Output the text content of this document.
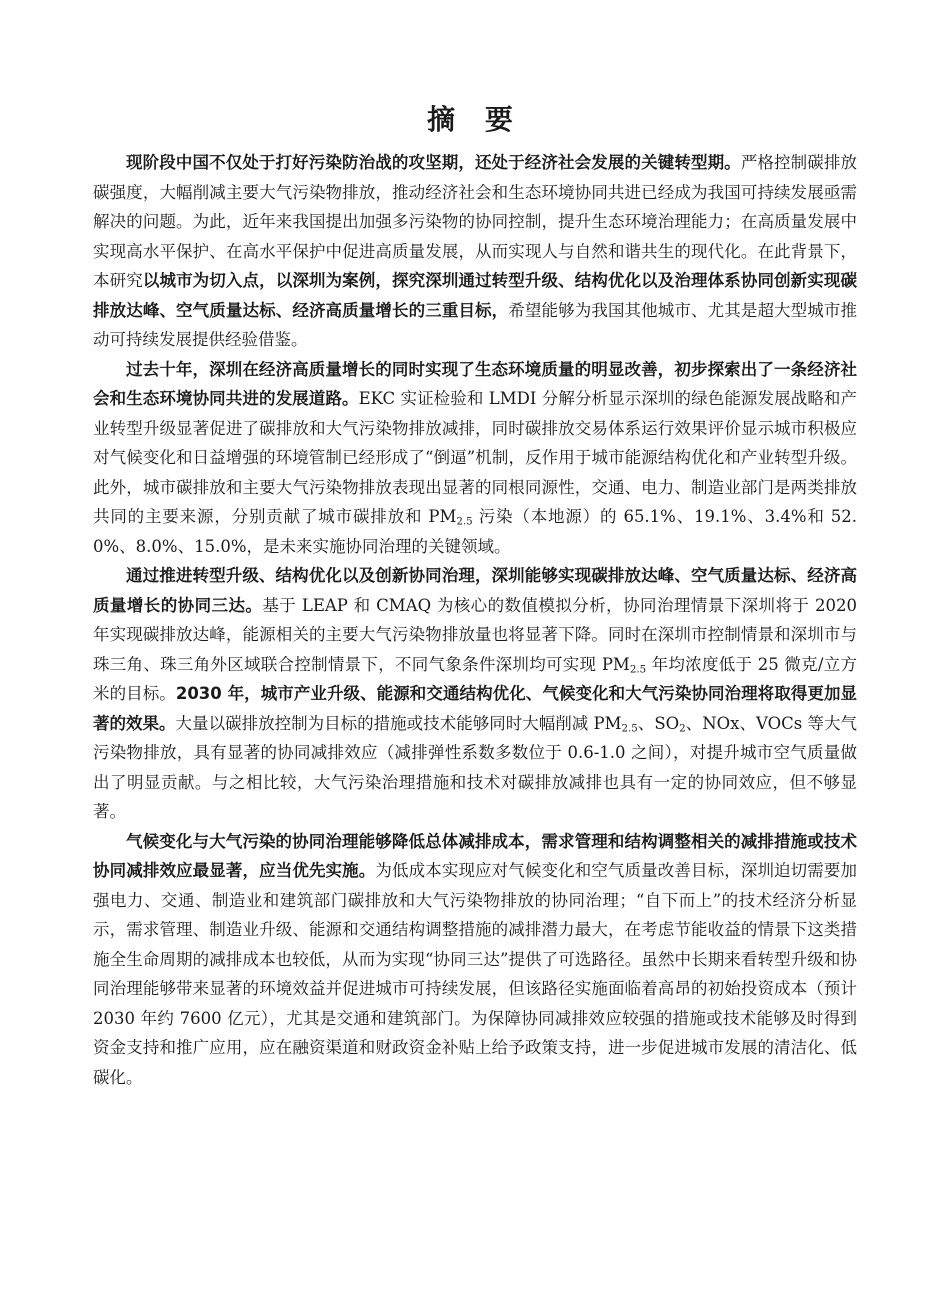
摘 要

现阶段中国不仅处于打好污染防治战的攻坚期，还处于经济社会发展的关键转型期。严格控制碳排放碳强度，大幅削减主要大气污染物排放，推动经济社会和生态环境协同共进已经成为我国可持续发展亟需解决的问题。为此，近年来我国提出加强多污染物的协同控制，提升生态环境治理能力；在高质量发展中实现高水平保护、在高水平保护中促进高质量发展，从而实现人与自然和谐共生的现代化。在此背景下，本研究以城市为切入点，以深圳为案例，探究深圳通过转型升级、结构优化以及治理体系协同创新实现碳排放达峰、空气质量达标、经济高质量增长的三重目标，希望能够为我国其他城市、尤其是超大型城市推动可持续发展提供经验借鉴。

过去十年，深圳在经济高质量增长的同时实现了生态环境质量的明显改善，初步探索出了一条经济社会和生态环境协同共进的发展道路。EKC 实证检验和 LMDI 分解分析显示深圳的绿色能源发展战略和产业转型升级显著促进了碳排放和大气污染物排放减排，同时碳排放交易体系运行效果评价显示城市积极应对气候变化和日益增强的环境管制已经形成了“倒逼”机制，反作用于城市能源结构优化和产业转型升级。此外，城市碳排放和主要大气污染物排放表现出显著的同根同源性，交通、电力、制造业部门是两类排放共同的主要来源，分别贡献了城市碳排放和 $PM_{2.5}$ 污染（本地源）的 65.1%、19.1%、3.4%和 52.0%、8.0%、15.0%，是未来实施协同治理的关键领域。

通过推进转型升级、结构优化以及创新协同治理，深圳能够实现碳排放达峰、空气质量达标、经济高质量增长的协同三达。基于 LEAP 和 CMAQ 为核心的数值模拟分析，协同治理情景下深圳将于 2020 年实现碳排放达峰，能源相关的主要大气污染物排放量也将显著下降。同时在深圳市控制情景和深圳市与珠三角、珠三角外区域联合控制情景下，不同气象条件深圳均可实现 $PM_{2.5}$ 年均浓度低于 25 微克/立方米的目标。2030 年，城市产业升级、能源和交通结构优化、气候变化和大气污染协同治理将取得更加显著的效果。大量以碳排放控制为目标的措施或技术能够同时大幅削减 $PM_{2.5}$、$SO_2$、NOx、VOCs 等大气污染物排放，具有显著的协同减排效应（减排弹性系数多数位于 0.6-1.0 之间），对提升城市空气质量做出了明显贡献。与之相比较，大气污染治理措施和技术对碳排放减排也具有一定的协同效应，但不够显著。

气候变化与大气污染的协同治理能够降低总体减排成本，需求管理和结构调整相关的减排措施或技术协同减排效应最显著，应当优先实施。为低成本实现应对气候变化和空气质量改善目标，深圳迫切需要加强电力、交通、制造业和建筑部门碳排放和大气污染物排放的协同治理；“自下而上”的技术经济分析显示，需求管理、制造业升级、能源和交通结构调整措施的减排潜力最大，在考虑节能收益的情景下这类措施全生命周期的减排成本也较低，从而为实现“协同三达”提供了可选路径。虽然中长期来看转型升级和协同治理能够带来显著的环境效益并促进城市可持续发展，但该路径实施面临着高昂的初始投资成本（预计 2030 年约 7600 亿元），尤其是交通和建筑部门。为保障协同减排效应较强的措施或技术能够及时得到资金支持和推广应用，应在融资渠道和财政资金补贴上给予政策支持，进一步促进城市发展的清洁化、低碳化。
